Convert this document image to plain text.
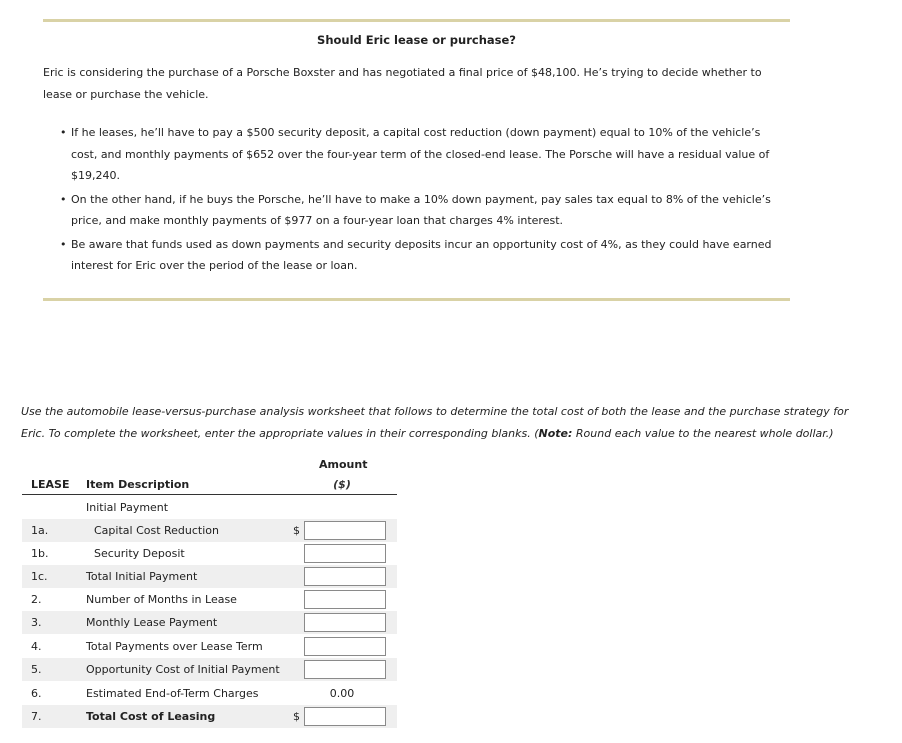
Should Eric lease or purchase?
Eric is considering the purchase of a Porsche Boxster and has negotiated a final price of $48,100. He’s trying to decide whether to lease or purchase the vehicle.
• If he leases, he’ll have to pay a $500 security deposit, a capital cost reduction (down payment) equal to 10% of the vehicle’s cost, and monthly payments of $652 over the four-year term of the closed-end lease. The Porsche will have a residual value of $19,240.
• On the other hand, if he buys the Porsche, he’ll have to make a 10% down payment, pay sales tax equal to 8% of the vehicle’s price, and make monthly payments of $977 on a four-year loan that charges 4% interest.
• Be aware that funds used as down payments and security deposits incur an opportunity cost of 4%, as they could have earned interest for Eric over the period of the lease or loan.
Use the automobile lease-versus-purchase analysis worksheet that follows to determine the total cost of both the lease and the purchase strategy for Eric. To complete the worksheet, enter the appropriate values in their corresponding blanks. (Note: Round each value to the nearest whole dollar.)
Amount
($)
LEASE Item Description
Initial Payment
1a.	Capital Cost Reduction	$
1b.	Security Deposit
1c.	Total Initial Payment
2.	Number of Months in Lease
3.	Monthly Lease Payment
4.	Total Payments over Lease Term
5.	Opportunity Cost of Initial Payment
6.	Estimated End-of-Term Charges	0.00
7.	Total Cost of Leasing	$
